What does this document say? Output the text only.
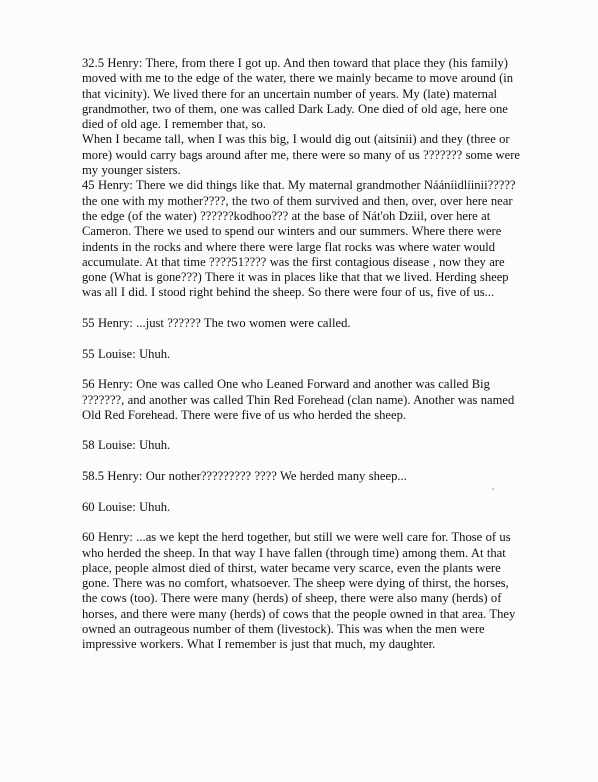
32.5 Henry: There, from there I got up. And then toward that place they (his family) moved with me to the edge of the water, there we mainly became to move around (in that vicinity). We lived there for an uncertain number of years. My (late) maternal grandmother, two of them, one was called Dark Lady. One died of old age, here one died of old age. I remember that, so.

When I became tall, when I was this big, I would dig out (aitsinii) and they (three or more) would carry bags around after me, there were so many of us ??????? some were my younger sisters.

45 Henry: There we did things like that. My maternal grandmother Nááníidlíinii?????the one with my mother????, the two of them survived and then, over, over here near the edge (of the water) ??????kodhoo??? at the base of Nát'oh Dziil, over here at Cameron. There we used to spend our winters and our summers. Where there were indents in the rocks and where there were large flat rocks was where water would accumulate. At that time ????51???? was the first contagious disease , now they are gone (What is gone???) There it was in places like that that we lived. Herding sheep was all I did. I stood right behind the sheep. So there were four of us, five of us...

55 Henry: ...just ?????? The two women were called.

55 Louise: Uhuh.

56 Henry: One was called One who Leaned Forward and another was called Big ???????, and another was called Thin Red Forehead (clan name). Another was named Old Red Forehead. There were five of us who herded the sheep.

58 Louise: Uhuh.

58.5 Henry: Our nother????????? ???? We herded many sheep...

60 Louise: Uhuh.

60 Henry: ...as we kept the herd together, but still we were well care for. Those of us who herded the sheep. In that way I have fallen (through time) among them. At that place, people almost died of thirst, water became very scarce, even the plants were gone. There was no comfort, whatsoever. The sheep were dying of thirst, the horses, the cows (too). There were many (herds) of sheep, there were also many (herds) of horses, and there were many (herds) of cows that the people owned in that area. They owned an outrageous number of them (livestock). This was when the men were impressive workers. What I remember is just that much, my daughter.
